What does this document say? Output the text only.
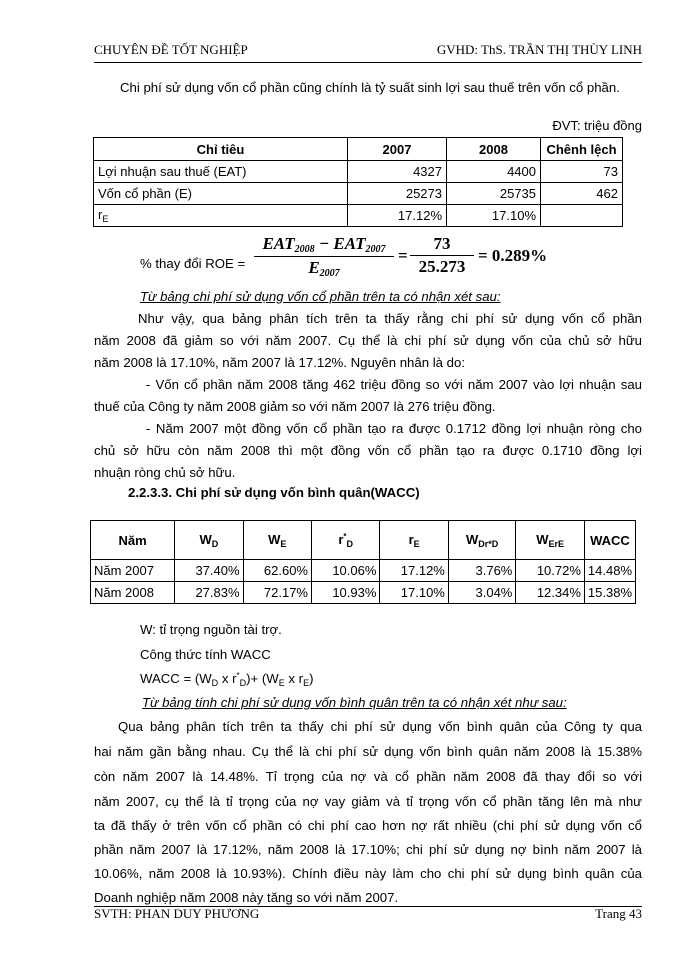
CHUYÊN ĐỀ TỐT NGHIỆP	GVHD: ThS. TRẦN THỊ THÙY LINH
Chi phí sử dụng vốn cổ phần cũng chính là tỷ suất sinh lợi sau thuế trên vốn cổ phần.
ĐVT: triệu đồng
Chỉ tiêu	2007	2008	Chênh lệch
Lợi nhuận sau thuế (EAT)	4327	4400	73
Vốn cổ phần (E)	25273	25735	462
$r_E$	17.12%	17.10%	
% thay đổi ROE =
$EAT_{2008} - EAT_{2007}$
$E_{2007}$
= $\frac{73}{25.273} = 0.289\%$
Từ bảng chi phí sử dụng vốn cổ phần trên ta có nhận xét sau:
Như vậy, qua bảng phân tích trên ta thấy rằng chi phí sử dụng vốn cổ phần
năm 2008 đã giảm so với năm 2007. Cụ thể là chi phí sử dụng vốn của chủ sở hữu
năm 2008 là 17.10%, năm 2007 là 17.12%. Nguyên nhân là do:
- Vốn cổ phần năm 2008 tăng 462 triệu đồng so với năm 2007 vào lợi nhuận sau
thuế của Công ty năm 2008 giảm so với năm 2007 là 276 triệu đồng.
- Năm 2007 một đồng vốn cổ phần tạo ra được 0.1712 đồng lợi nhuận ròng cho
chủ sở hữu còn năm 2008 thì một đồng vốn cổ phần tạo ra được 0.1710 đồng lợi
nhuận ròng chủ sở hữu.
2.2.3.3. Chi phí sử dụng vốn bình quân(WACC)
Năm	$W_D$	$W_E$	$r^*_D$	$r_E$	$W_{Dr*D}$	$W_{ErE}$	WACC
Năm 2007	37.40%	62.60%	10.06%	17.12%	3.76%	10.72%	14.48%
Năm 2008	27.83%	72.17%	10.93%	17.10%	3.04%	12.34%	15.38%
W: tỉ trọng nguồn tài trợ.
Công thức tính WACC
WACC = ($W_D$ x $r^*_D)+ (W_E$ x $r_E$)
Từ bảng tính chi phí sử dụng vốn bình quân trên ta có nhận xét như sau:
Qua bảng phân tích trên ta thấy chi phí sử dụng vốn bình quân của Công ty qua
hai năm gần bằng nhau. Cụ thể là chi phí sử dụng vốn bình quân năm 2008 là 15.38%
còn năm 2007 là 14.48%. Tỉ trọng của nợ và cổ phần năm 2008 đã thay đổi so với
năm 2007, cụ thể là tỉ trọng của nợ vay giảm và tỉ trọng vốn cổ phần tăng lên mà như
ta đã thấy ở trên vốn cổ phần có chi phí cao hơn nợ rất nhiều (chi phí sử dụng vốn cổ
phần năm 2007 là 17.12%, năm 2008 là 17.10%; chi phí sử dụng nợ bình năm 2007 là
10.06%, năm 2008 là 10.93%). Chính điều này làm cho chi phí sử dụng bình quân của
Doanh nghiệp năm 2008 này tăng so với năm 2007.
SVTH: PHAN DUY PHƯƠNG	Trang 43
